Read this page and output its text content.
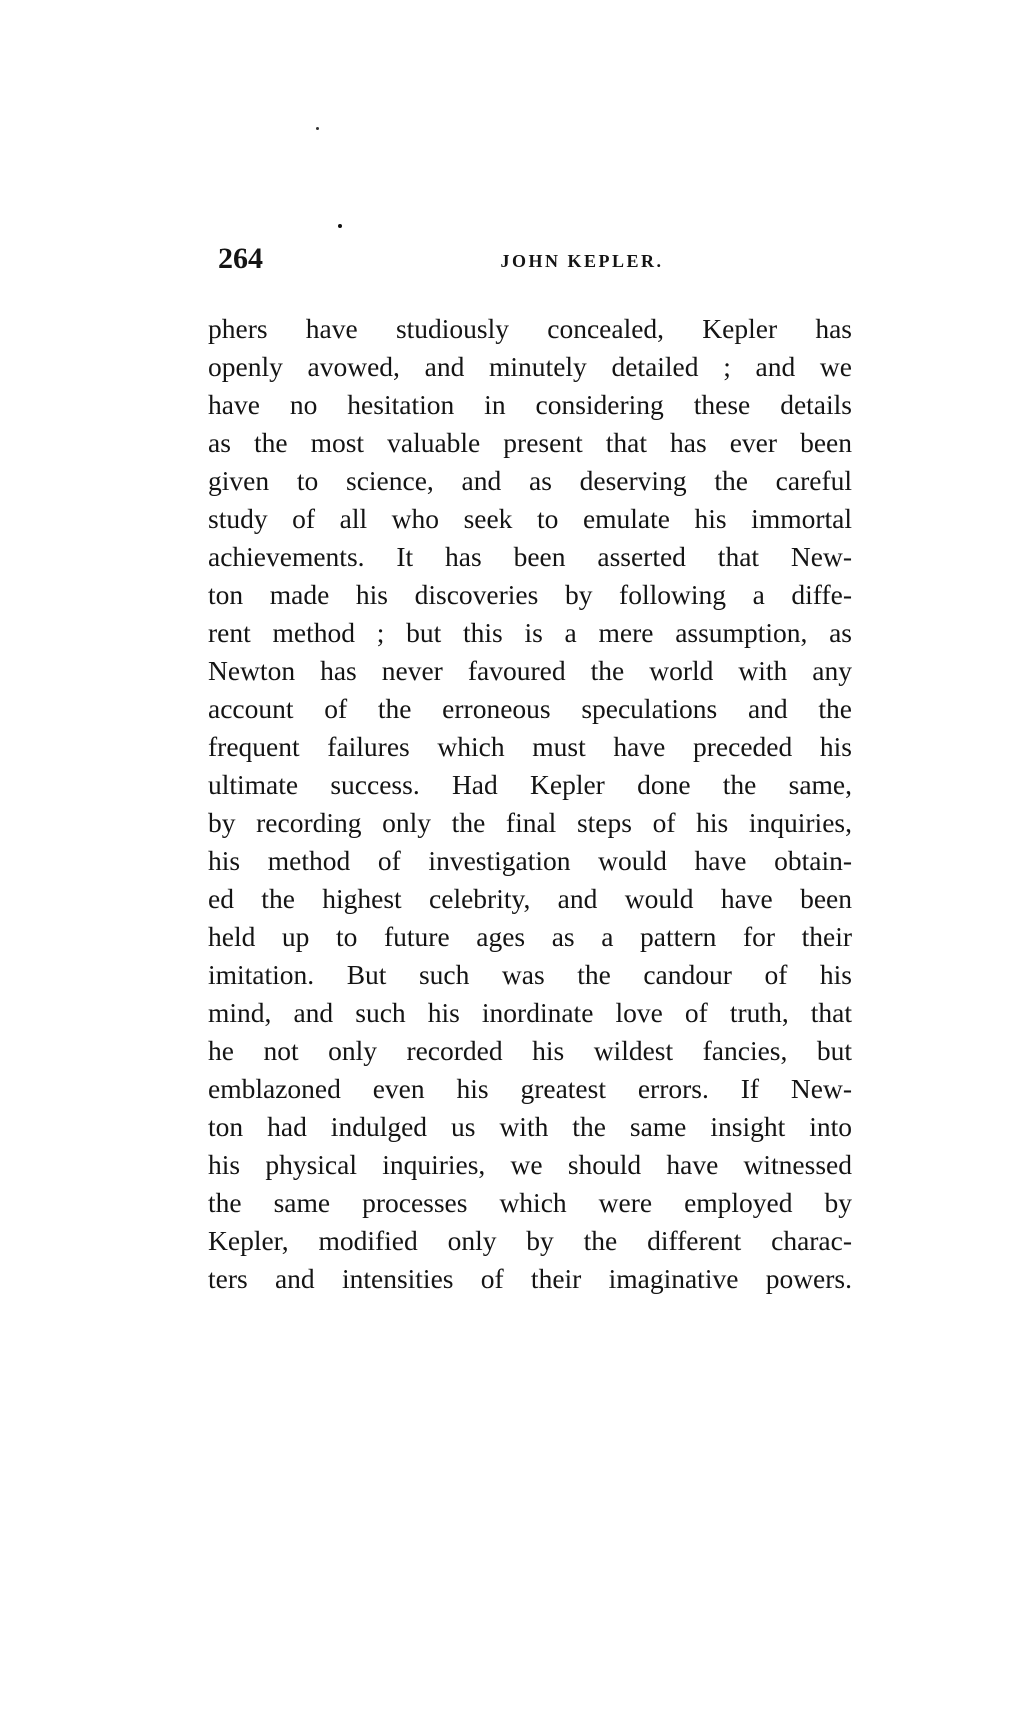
264	JOHN KEPLER.
phers have studiously concealed, Kepler has
openly avowed, and minutely detailed ; and we
have no hesitation in considering these details
as the most valuable present that has ever been
given to science, and as deserving the careful
study of all who seek to emulate his immortal
achievements. It has been asserted that New-
ton made his discoveries by following a diffe-
rent method ; but this is a mere assumption, as
Newton has never favoured the world with any
account of the erroneous speculations and the
frequent failures which must have preceded his
ultimate success. Had Kepler done the same,
by recording only the final steps of his inquiries,
his method of investigation would have obtain-
ed the highest celebrity, and would have been
held up to future ages as a pattern for their
imitation. But such was the candour of his
mind, and such his inordinate love of truth, that
he not only recorded his wildest fancies, but
emblazoned even his greatest errors. If New-
ton had indulged us with the same insight into
his physical inquiries, we should have witnessed
the same processes which were employed by
Kepler, modified only by the different charac-
ters and intensities of their imaginative powers.
